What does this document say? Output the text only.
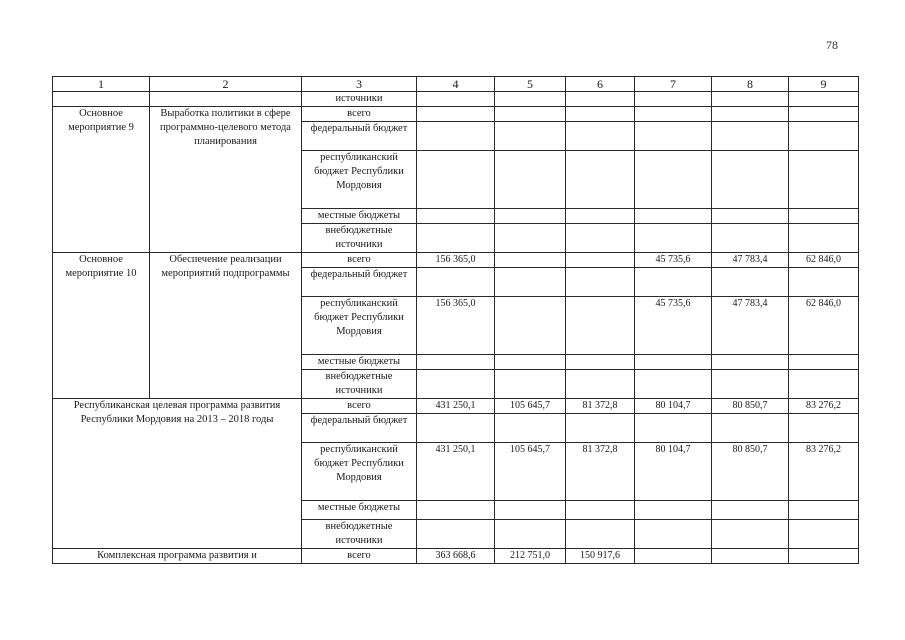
78
1	2	3	4	5	6	7	8	9
		источники						
Основное мероприятие 9	Выработка политики в сфере программно-целевого метода планирования	всего						
		федеральный бюджет						
		республиканский бюджет Республики Мордовия						
		местные бюджеты						
		внебюджетные источники						
Основное мероприятие 10	Обеспечение реализации мероприятий подпрограммы	всего	156 365,0			45 735,6	47 783,4	62 846,0
		федеральный бюджет						
		республиканский бюджет Республики Мордовия	156 365,0			45 735,6	47 783,4	62 846,0
		местные бюджеты						
		внебюджетные источники						
Республиканская целевая программа развития Республики Мордовия на 2013 – 2018 годы		всего	431 250,1	105 645,7	81 372,8	80 104,7	80 850,7	83 276,2
		федеральный бюджет						
		республиканский бюджет Республики Мордовия	431 250,1	105 645,7	81 372,8	80 104,7	80 850,7	83 276,2
		местные бюджеты						
		внебюджетные источники						
Комплексная программа развития и		всего	363 668,6	212 751,0	150 917,6			
